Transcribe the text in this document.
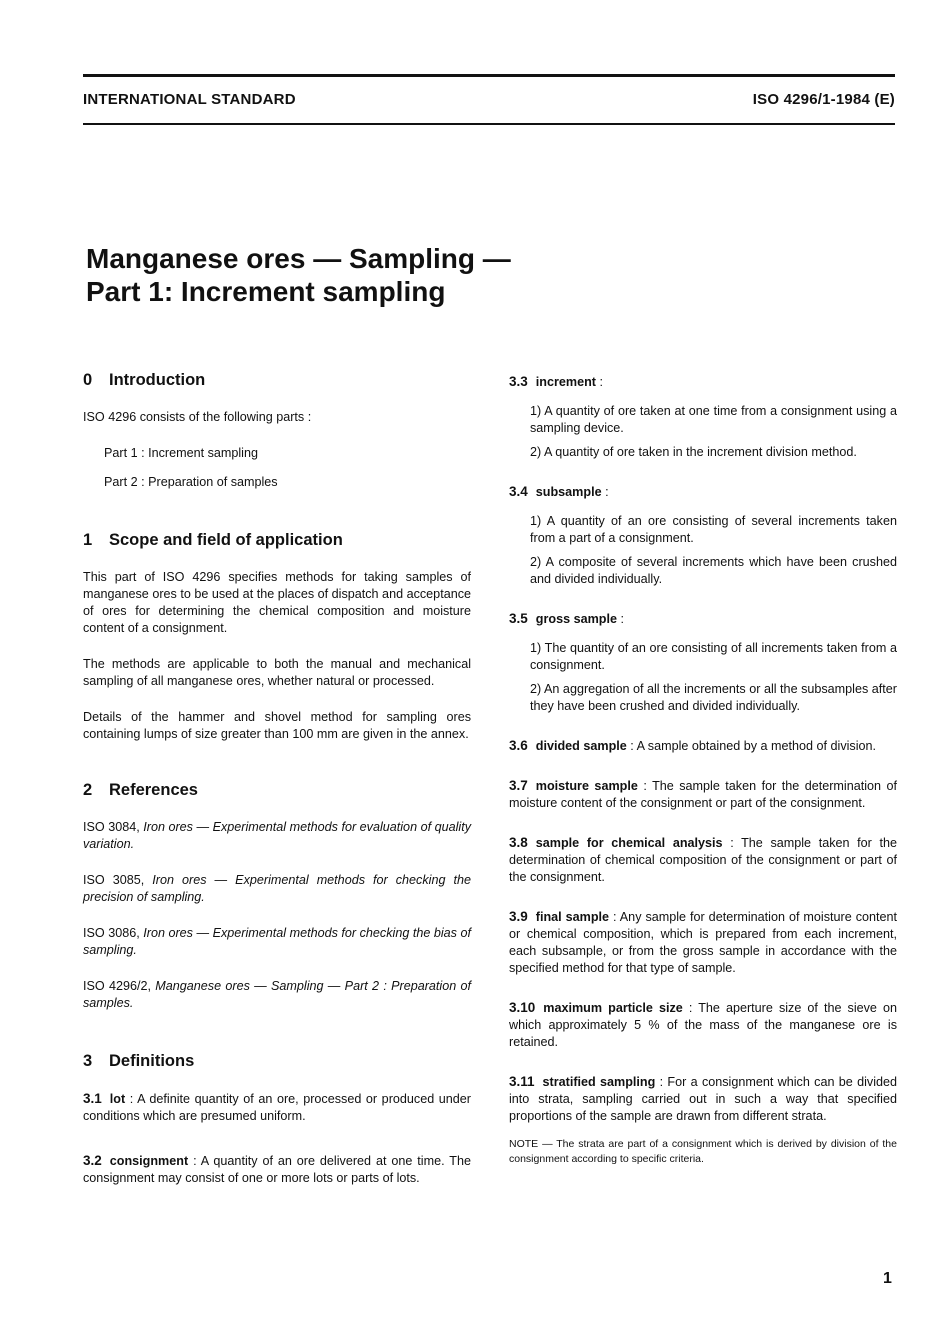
INTERNATIONAL STANDARD	ISO 4296/1-1984 (E)
Manganese ores — Sampling —
Part 1: Increment sampling
0 Introduction

ISO 4296 consists of the following parts :

Part 1 : Increment sampling

Part 2 : Preparation of samples

1 Scope and field of application

This part of ISO 4296 specifies methods for taking samples of manganese ores to be used at the places of dispatch and acceptance of ores for determining the chemical composition and moisture content of a consignment.

The methods are applicable to both the manual and mechanical sampling of all manganese ores, whether natural or processed.

Details of the hammer and shovel method for sampling ores containing lumps of size greater than 100 mm are given in the annex.

2 References

ISO 3084, Iron ores — Experimental methods for evaluation of quality variation.

ISO 3085, Iron ores — Experimental methods for checking the precision of sampling.

ISO 3086, Iron ores — Experimental methods for checking the bias of sampling.

ISO 4296/2, Manganese ores — Sampling — Part 2 : Preparation of samples.

3 Definitions

3.1 lot : A definite quantity of an ore, processed or produced under conditions which are presumed uniform.

3.2 consignment : A quantity of an ore delivered at one time. The consignment may consist of one or more lots or parts of lots.

3.3 increment :

1) A quantity of ore taken at one time from a consignment using a sampling device.

2) A quantity of ore taken in the increment division method.

3.4 subsample :

1) A quantity of an ore consisting of several increments taken from a part of a consignment.

2) A composite of several increments which have been crushed and divided individually.

3.5 gross sample :

1) The quantity of an ore consisting of all increments taken from a consignment.

2) An aggregation of all the increments or all the subsamples after they have been crushed and divided individually.

3.6 divided sample : A sample obtained by a method of division.

3.7 moisture sample : The sample taken for the determination of moisture content of the consignment or part of the consignment.

3.8 sample for chemical analysis : The sample taken for the determination of chemical composition of the consignment or part of the consignment.

3.9 final sample : Any sample for determination of moisture content or chemical composition, which is prepared from each increment, each subsample, or from the gross sample in accordance with the specified method for that type of sample.

3.10 maximum particle size : The aperture size of the sieve on which approximately 5 % of the mass of the manganese ore is retained.

3.11 stratified sampling : For a consignment which can be divided into strata, sampling carried out in such a way that specified proportions of the sample are drawn from different strata.

NOTE — The strata are part of a consignment which is derived by division of the consignment according to specific criteria.

1
